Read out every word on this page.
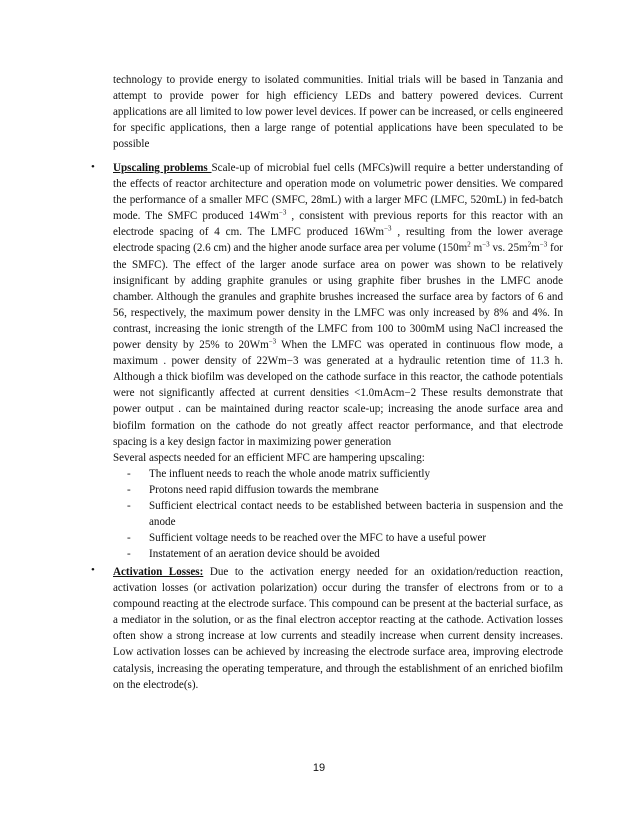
technology to provide energy to isolated communities. Initial trials will be based in Tanzania and attempt to provide power for high efficiency LEDs and battery powered devices. Current applications are all limited to low power level devices. If power can be increased, or cells engineered for specific applications, then a large range of potential applications have been speculated to be possible

• Upscaling problems Scale-up of microbial fuel cells (MFCs)will require a better understanding of the effects of reactor architecture and operation mode on volumetric power densities. We compared the performance of a smaller MFC (SMFC, 28mL) with a larger MFC (LMFC, 520mL) in fed-batch mode. The SMFC produced $14Wm^{-3}$ , consistent with previous reports for this reactor with an electrode spacing of 4 cm. The LMFC produced $16Wm^{-3}$ , resulting from the lower average electrode spacing (2.6 cm) and the higher anode surface area per volume ($150m^2$ $m^{-3}$ vs. $25m^2m^{-3}$ for the SMFC). The effect of the larger anode surface area on power was shown to be relatively insignificant by adding graphite granules or using graphite fiber brushes in the LMFC anode chamber. Although the granules and graphite brushes increased the surface area by factors of 6 and 56, respectively, the maximum power density in the LMFC was only increased by 8% and 4%. In contrast, increasing the ionic strength of the LMFC from 100 to 300mM using NaCl increased the power density by 25% to $20Wm^{-3}$ When the LMFC was operated in continuous flow mode, a maximum . power density of 22Wm−3 was generated at a hydraulic retention time of 11.3 h. Although a thick biofilm was developed on the cathode surface in this reactor, the cathode potentials were not significantly affected at current densities <1.0mAcm−2 These results demonstrate that power output . can be maintained during reactor scale-up; increasing the anode surface area and biofilm formation on the cathode do not greatly affect reactor performance, and that electrode spacing is a key design factor in maximizing power generation
Several aspects needed for an efficient MFC are hampering upscaling:
- The influent needs to reach the whole anode matrix sufficiently
- Protons need rapid diffusion towards the membrane
- Sufficient electrical contact needs to be established between bacteria in suspension and the anode
- Sufficient voltage needs to be reached over the MFC to have a useful power
- Instatement of an aeration device should be avoided
• Activation Losses: Due to the activation energy needed for an oxidation/reduction reaction, activation losses (or activation polarization) occur during the transfer of electrons from or to a compound reacting at the electrode surface. This compound can be present at the bacterial surface, as a mediator in the solution, or as the final electron acceptor reacting at the cathode. Activation losses often show a strong increase at low currents and steadily increase when current density increases. Low activation losses can be achieved by increasing the electrode surface area, improving electrode catalysis, increasing the operating temperature, and through the establishment of an enriched biofilm on the electrode(s).
19
